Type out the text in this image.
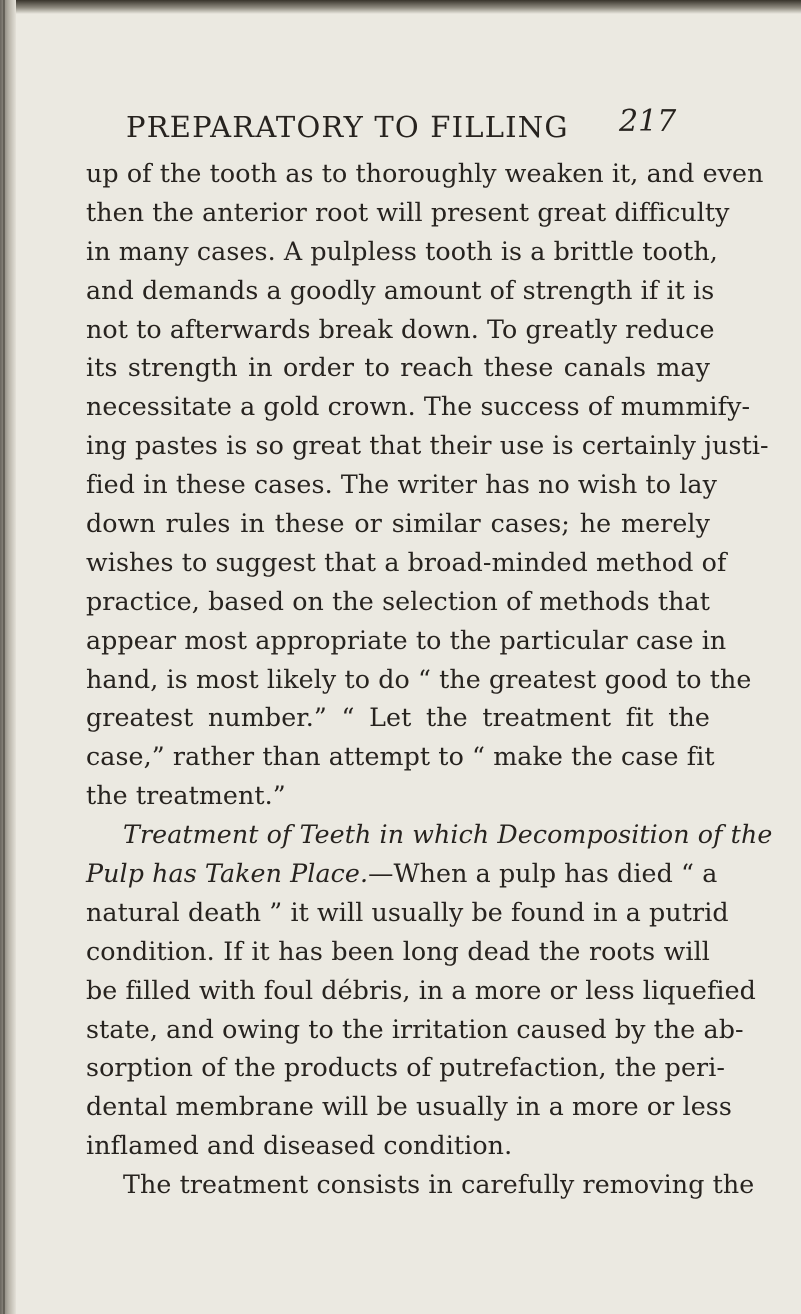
PREPARATORY TO FILLING 217
up of the tooth as to thoroughly weaken it, and even
then the anterior root will present great difficulty
in many cases. A pulpless tooth is a brittle tooth,
and demands a goodly amount of strength if it is
not to afterwards break down. To greatly reduce
its strength in order to reach these canals may
necessitate a gold crown. The success of mummify-
ing pastes is so great that their use is certainly justi-
fied in these cases. The writer has no wish to lay
down rules in these or similar cases; he merely
wishes to suggest that a broad-minded method of
practice, based on the selection of methods that
appear most appropriate to the particular case in
hand, is most likely to do “ the greatest good to the
greatest number.” “ Let the treatment fit the
case,” rather than attempt to “ make the case fit
the treatment.”
Treatment of Teeth in which Decomposition of the
Pulp has Taken Place.—When a pulp has died “ a
natural death ” it will usually be found in a putrid
condition. If it has been long dead the roots will
be filled with foul débris, in a more or less liquefied
state, and owing to the irritation caused by the ab-
sorption of the products of putrefaction, the peri-
dental membrane will be usually in a more or less
inflamed and diseased condition.
The treatment consists in carefully removing the
